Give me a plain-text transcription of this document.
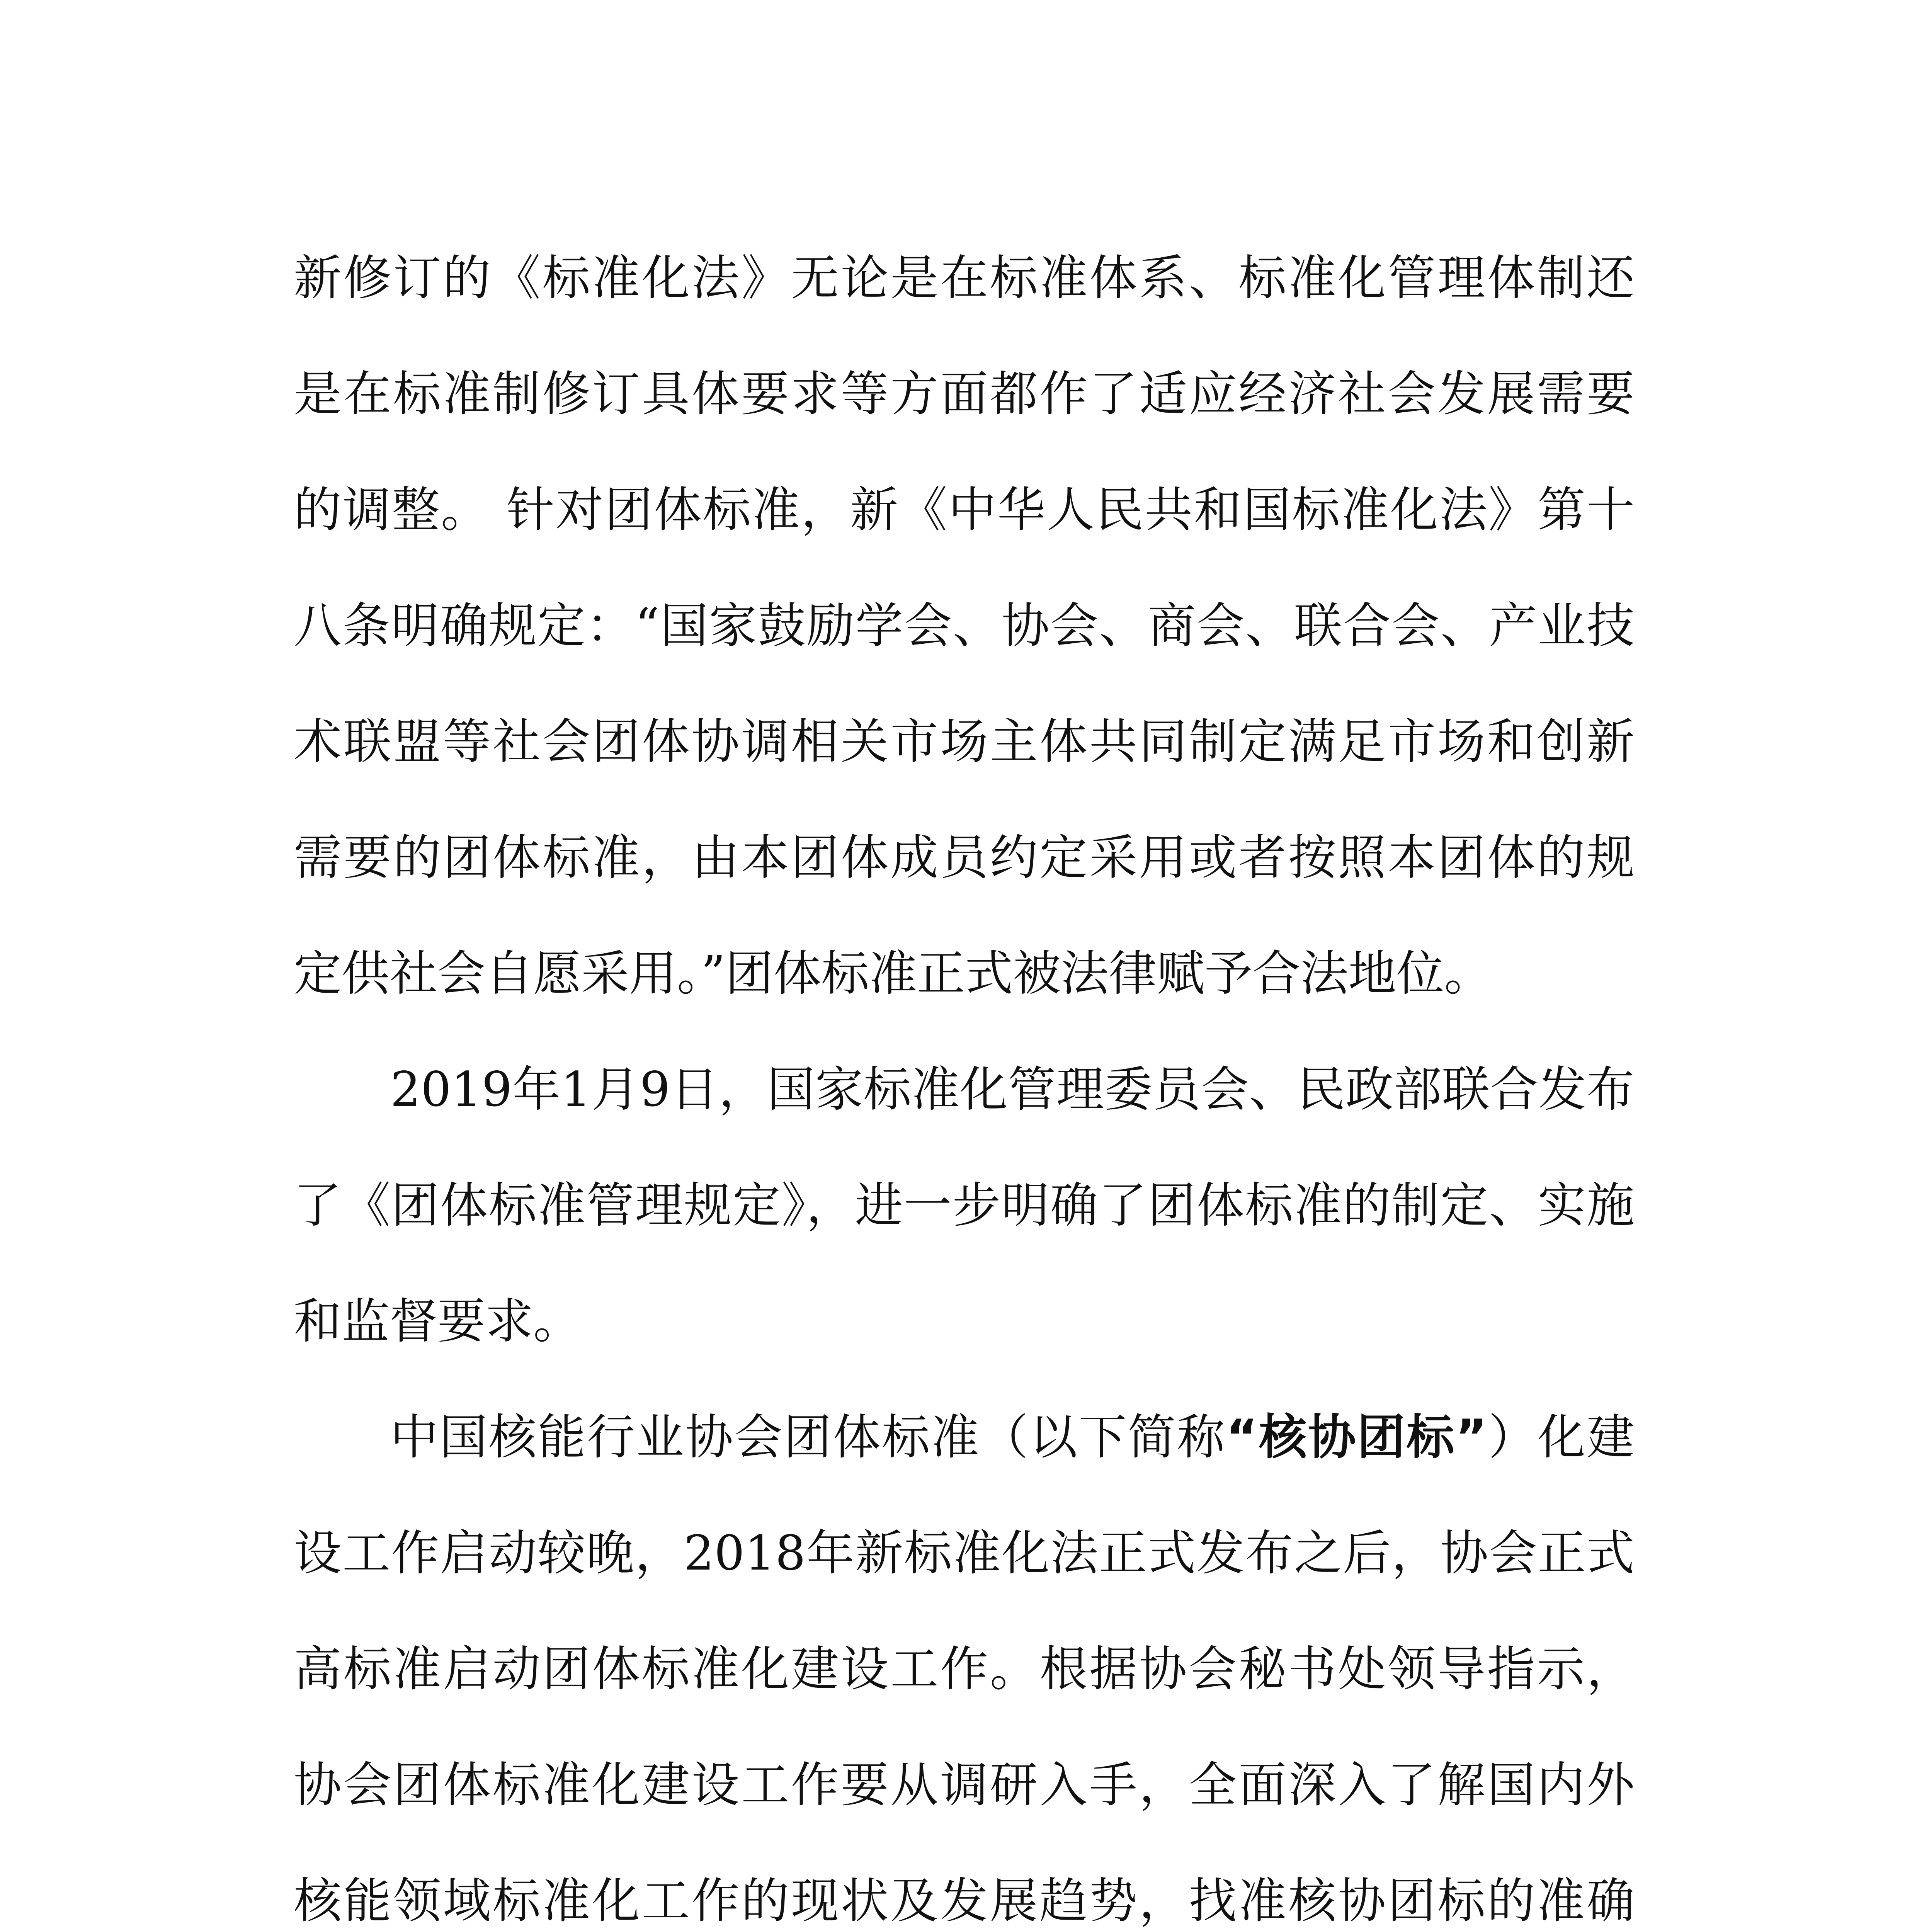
新修订的《标准化法》无论是在标准体系、标准化管理体制还是在标准制修订具体要求等方面都作了适应经济社会发展需要的调整。 针对团体标准，新《中华人民共和国标准化法》第十八条明确规定：“国家鼓励学会、协会、商会、联合会、产业技术联盟等社会团体协调相关市场主体共同制定满足市场和创新需要的团体标准，由本团体成员约定采用或者按照本团体的规定供社会自愿采用。”团体标准正式被法律赋予合法地位。

2019年1月9日，国家标准化管理委员会、民政部联合发布了《团体标准管理规定》，进一步明确了团体标准的制定、实施和监督要求。

中国核能行业协会团体标准（以下简称“核协团标”）化建设工作启动较晚，2018年新标准化法正式发布之后，协会正式高标准启动团体标准化建设工作。根据协会秘书处领导指示，协会团体标准化建设工作要从调研入手，全面深入了解国内外核能领域标准化工作的现状及发展趋势，找准核协团标的准确
